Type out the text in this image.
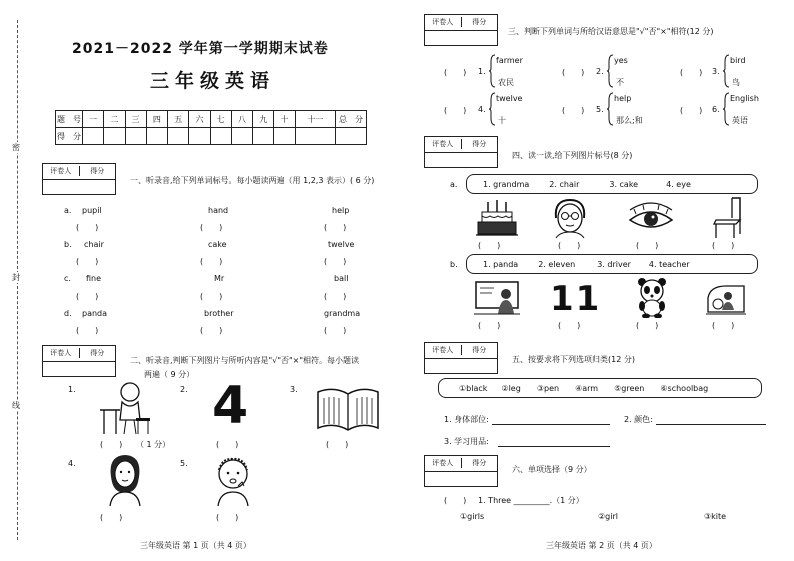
密
封
线
2021－2022 学年第一学期期末试卷
三年级英语
题　号	一	二	三	四	五	六	七	八	九	十	十一	总　分
得　分												
评卷人	得分
一、听录音,给下列单词标号。每小题读两遍（用 1,2,3 表示）( 6 分)
a. pupil	hand	help
(　　)	(　　)	(　　)
b. chair	cake	twelve
(　　)	(　　)	(　　)
c. fine	Mr	ball
(　　)	(　　)	(　　)
d. panda	brother	grandma
(　　)	(　　)	(　　)
评卷人	得分
二、听录音,判断下列图片与所听内容是"√"否"×"相符。每小题读
两遍（ 9 分）
1.	2.	3.
4.	5.
(　　) （ 1 分）
4
(　　)	(　　)
(　　)	(　　)
三年级英语 第 1 页（共 4 页）
评卷人	得分
三、判断下列单词与所给汉语意思是"√"否"×"相符(12 分)
(　　) 1.
farmer
农民
(　　) 2.
yes
不
(　　) 3.
bird
鸟
(　　) 4.
twelve
十
(　　) 5.
help
那么;和
(　　) 6.
English
英语
评卷人	得分
四、读一读,给下列图片标号(8 分)
a.	1. grandma	2. chair	3. cake	4. eye
(　　)	(　　)	(　　)	(　　)
b.	1. panda	2. eleven	3. driver 4. teacher
11
(　　)	(　　)	(　　)	(　　)
评卷人	得分
五、按要求将下列选项归类(12 分)
①black ②leg ③pen ④arm ⑤green ⑥schoolbag
1. 身体部位:	2. 颜色:
3. 学习用品:
评卷人	得分
六、单项选择（9 分）
(　　) 1. Three _________.（1 分）
①girls	②girl	③kite
三年级英语 第 2 页（共 4 页）
